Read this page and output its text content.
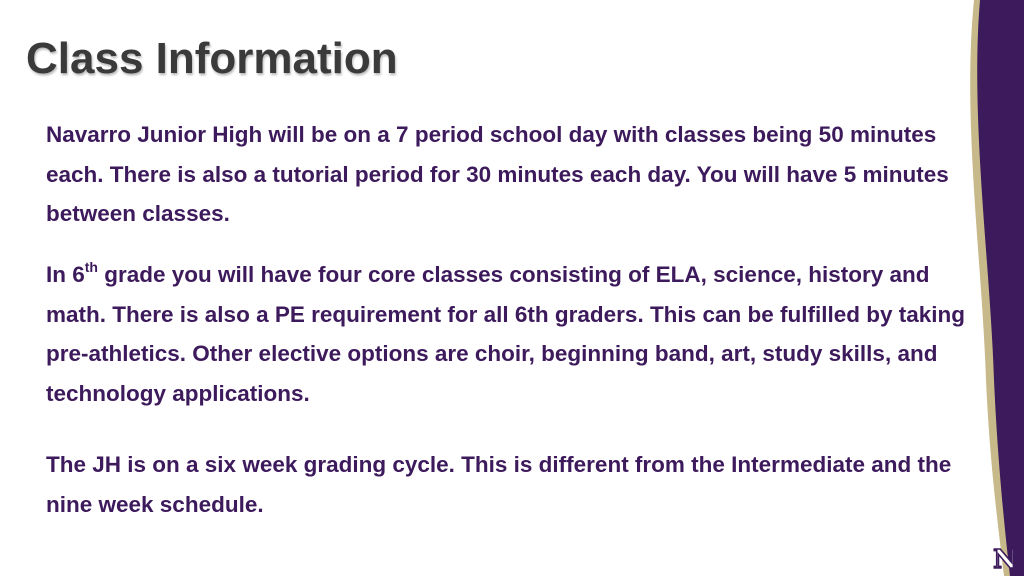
Class Information

Navarro Junior High will be on a 7 period school day with classes being 50 minutes each. There is also a tutorial period for 30 minutes each day. You will have 5 minutes between classes.

In 6th grade you will have four core classes consisting of ELA, science, history and math. There is also a PE requirement for all 6th graders. This can be fulfilled by taking pre-athletics. Other elective options are choir, beginning band, art, study skills, and technology applications.

The JH is on a six week grading cycle. This is different from the Intermediate and the nine week schedule.

N
